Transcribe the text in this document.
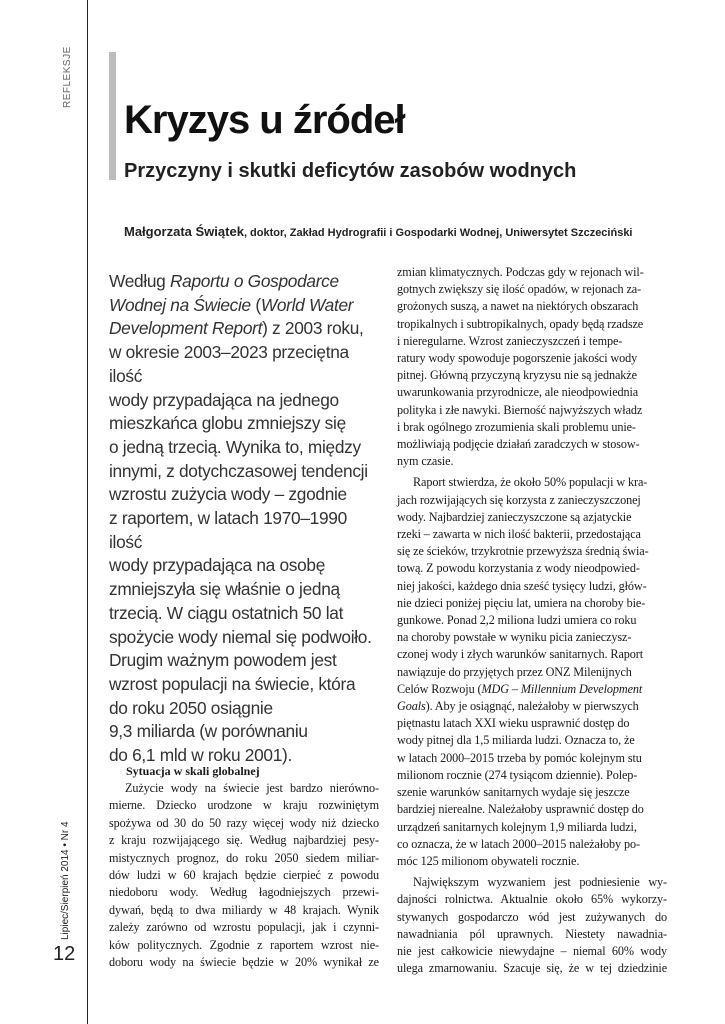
REFLEKSJE
Lipiec/Sierpień 2014 • Nr 4
12
Kryzys u źródeł
Przyczyny i skutki deficytów zasobów wodnych

Małgorzata Świątek, doktor, Zakład Hydrografii i Gospodarki Wodnej, Uniwersytet Szczeciński

Według Raportu o Gospodarce
Wodnej na Świecie (World Water
Development Report) z 2003 roku,
w okresie 2003–2023 przeciętna ilość
wody przypadająca na jednego
mieszkańca globu zmniejszy się
o jedną trzecią. Wynika to, między
innymi, z dotychczasowej tendencji
wzrostu zużycia wody – zgodnie
z raportem, w latach 1970–1990 ilość
wody przypadająca na osobę
zmniejszyła się właśnie o jedną
trzecią. W ciągu ostatnich 50 lat
spożycie wody niemal się podwoiło.
Drugim ważnym powodem jest
wzrost populacji na świecie, która
do roku 2050 osiągnie
9,3 miliarda (w porównaniu
do 6,1 mld w roku 2001).

Sytuacja w skali globalnej

Zużycie wody na świecie jest bardzo nierówno-
mierne. Dziecko urodzone w kraju rozwiniętym
spożywa od 30 do 50 razy więcej wody niż dziecko
z kraju rozwijającego się. Według najbardziej pesy-
mistycznych prognoz, do roku 2050 siedem miliar-
dów ludzi w 60 krajach będzie cierpieć z powodu
niedoboru wody. Według łagodniejszych przewi-
dywań, będą to dwa miliardy w 48 krajach. Wynik
zależy zarówno od wzrostu populacji, jak i czynni-
ków politycznych. Zgodnie z raportem wzrost nie-
doboru wody na świecie będzie w 20% wynikał ze

zmian klimatycznych. Podczas gdy w rejonach wil-
gotnych zwiększy się ilość opadów, w rejonach za-
grożonych suszą, a nawet na niektórych obszarach
tropikalnych i subtropikalnych, opady będą rzadsze
i nieregularne. Wzrost zanieczyszczeń i tempe-
ratury wody spowoduje pogorszenie jakości wody
pitnej. Główną przyczyną kryzysu nie są jednakże
uwarunkowania przyrodnicze, ale nieodpowiednia
polityka i złe nawyki. Bierność najwyższych władz
i brak ogólnego zrozumienia skali problemu unie-
możliwiają podjęcie działań zaradczych w stosow-
nym czasie.

Raport stwierdza, że około 50% populacji w kra-
jach rozwijających się korzysta z zanieczyszczonej
wody. Najbardziej zanieczyszczone są azjatyckie
rzeki – zawarta w nich ilość bakterii, przedostająca
się ze ścieków, trzykrotnie przewyższa średnią świa-
tową. Z powodu korzystania z wody nieodpowied-
niej jakości, każdego dnia sześć tysięcy ludzi, głów-
nie dzieci poniżej pięciu lat, umiera na choroby bie-
gunkowe. Ponad 2,2 miliona ludzi umiera co roku
na choroby powstałe w wyniku picia zanieczysz-
czonej wody i złych warunków sanitarnych. Raport
nawiązuje do przyjętych przez ONZ Milenijnych
Celów Rozwoju (MDG – Millennium Development
Goals). Aby je osiągnąć, należałoby w pierwszych
piętnastu latach XXI wieku usprawnić dostęp do
wody pitnej dla 1,5 miliarda ludzi. Oznacza to, że
w latach 2000–2015 trzeba by pomóc kolejnym stu
milionom rocznie (274 tysiącom dziennie). Polep-
szenie warunków sanitarnych wydaje się jeszcze
bardziej nierealne. Należałoby usprawnić dostęp do
urządzeń sanitarnych kolejnym 1,9 miliarda ludzi,
co oznacza, że w latach 2000–2015 należałoby po-
móc 125 milionom obywateli rocznie.

Największym wyzwaniem jest podniesienie wy-
dajności rolnictwa. Aktualnie około 65% wykorzy-
stywanych gospodarczo wód jest zużywanych do
nawadniania pól uprawnych. Niestety nawadnia-
nie jest całkowicie niewydajne – niemal 60% wody
ulega zmarnowaniu. Szacuje się, że w tej dziedzinie
